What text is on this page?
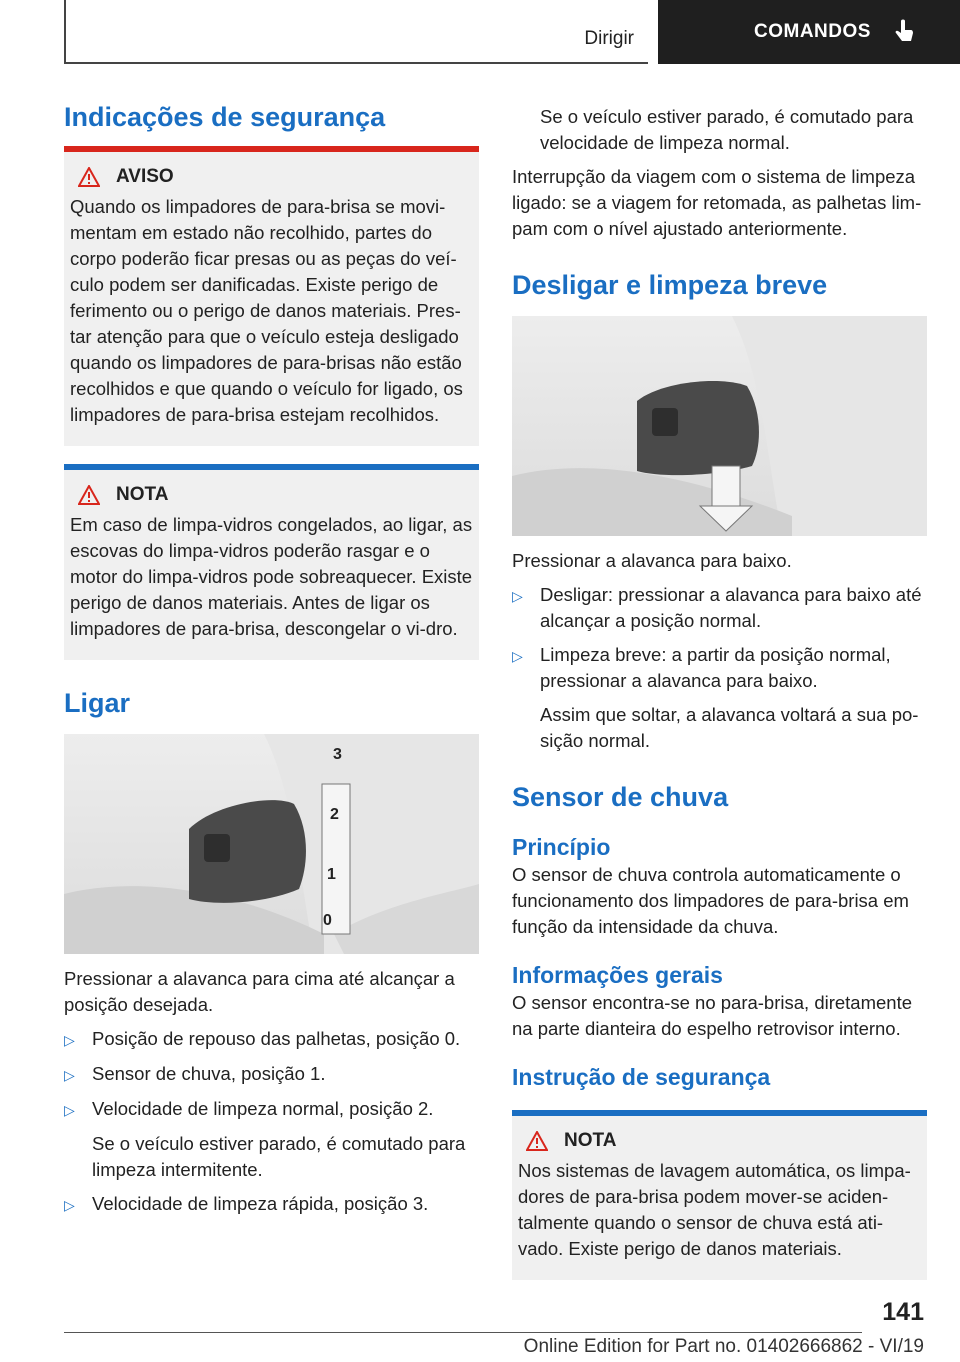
Dirigir	COMANDOS
Indicações de segurança
AVISO

Quando os limpadores de para-brisa se movi-mentam em estado não recolhido, partes do corpo poderão ficar presas ou as peças do veí-culo podem ser danificadas. Existe perigo de ferimento ou o perigo de danos materiais. Pres-tar atenção para que o veículo esteja desligado quando os limpadores de para-brisas não estão recolhidos e que quando o veículo for ligado, os limpadores de para-brisa estejam recolhidos.

NOTA

Em caso de limpa-vidros congelados, ao ligar, as escovas do limpa-vidros poderão rasgar e o motor do limpa-vidros pode sobreaquecer. Existe perigo de danos materiais. Antes de ligar os limpadores de para-brisa, descongelar o vi-dro.

Ligar
3
2
1
0

Pressionar a alavanca para cima até alcançar a posição desejada.

▷ Posição de repouso das palhetas, posição 0.
▷ Sensor de chuva, posição 1.
▷ Velocidade de limpeza normal, posição 2.
Se o veículo estiver parado, é comutado para limpeza intermitente.
▷ Velocidade de limpeza rápida, posição 3.
Se o veículo estiver parado, é comutado para velocidade de limpeza normal.

Interrupção da viagem com o sistema de limpeza ligado: se a viagem for retomada, as palhetas lim-pam com o nível ajustado anteriormente.

Desligar e limpeza breve

Pressionar a alavanca para baixo.

▷ Desligar: pressionar a alavanca para baixo até alcançar a posição normal.
▷ Limpeza breve: a partir da posição normal, pressionar a alavanca para baixo.
Assim que soltar, a alavanca voltará a sua po-sição normal.
Sensor de chuva
Princípio

O sensor de chuva controla automaticamente o funcionamento dos limpadores de para-brisa em função da intensidade da chuva.

Informações gerais

O sensor encontra-se no para-brisa, diretamente na parte dianteira do espelho retrovisor interno.

Instrução de segurança
NOTA

Nos sistemas de lavagem automática, os limpa-dores de para-brisa podem mover-se aciden-talmente quando o sensor de chuva está ati-vado. Existe perigo de danos materiais.

141
Online Edition for Part no. 01402666862 - VI/19
